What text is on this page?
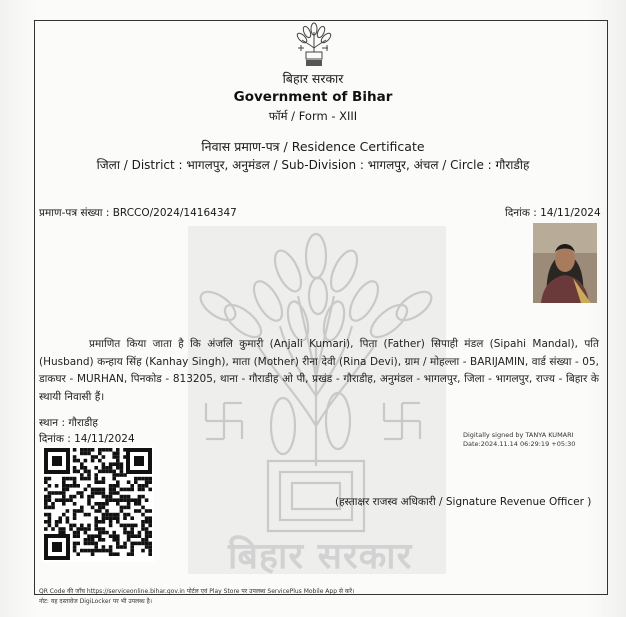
बिहार सरकार
बिहार सरकार
Government of Bihar
फॉर्म / Form - XIII
निवास प्रमाण-पत्र / Residence Certificate
जिला / District : भागलपुर, अनुमंडल / Sub-Division : भागलपुर, अंचल / Circle : गौराडीह
प्रमाण-पत्र संख्या : BRCCO/2024/14164347	दिनांक : 14/11/2024
प्रमाणित किया जाता है कि अंजलि कुमारी (Anjali Kumari), पिता (Father) सिपाही मंडल (Sipahi Mandal), पति (Husband) कन्हाय सिंह (Kanhay Singh), माता (Mother) रीना देवी (Rina Devi), ग्राम / मोहल्ला - BARIJAMIN, वार्ड संख्या - 05, डाकघर - MURHAN, पिनकोड - 813205, थाना - गौराडीह ओ पी, प्रखंड - गौराडीह, अनुमंडल - भागलपुर, जिला - भागलपुर, राज्य - बिहार के स्थायी निवासी हैं।
स्थान : गौराडीह
दिनांक : 14/11/2024	Digitally signed by TANYA KUMARI
Date:2024.11.14 06:29:19 +05:30
(हस्ताक्षर राजस्व अधिकारी / Signature Revenue Officer )
QR Code की जाँच https://serviceonline.bihar.gov.in पोर्टल एवं Play Store पर उपलब्ध ServicePlus Mobile App से करें।
नोट: यह दस्तावेज DigiLocker पर भी उपलब्ध है।
